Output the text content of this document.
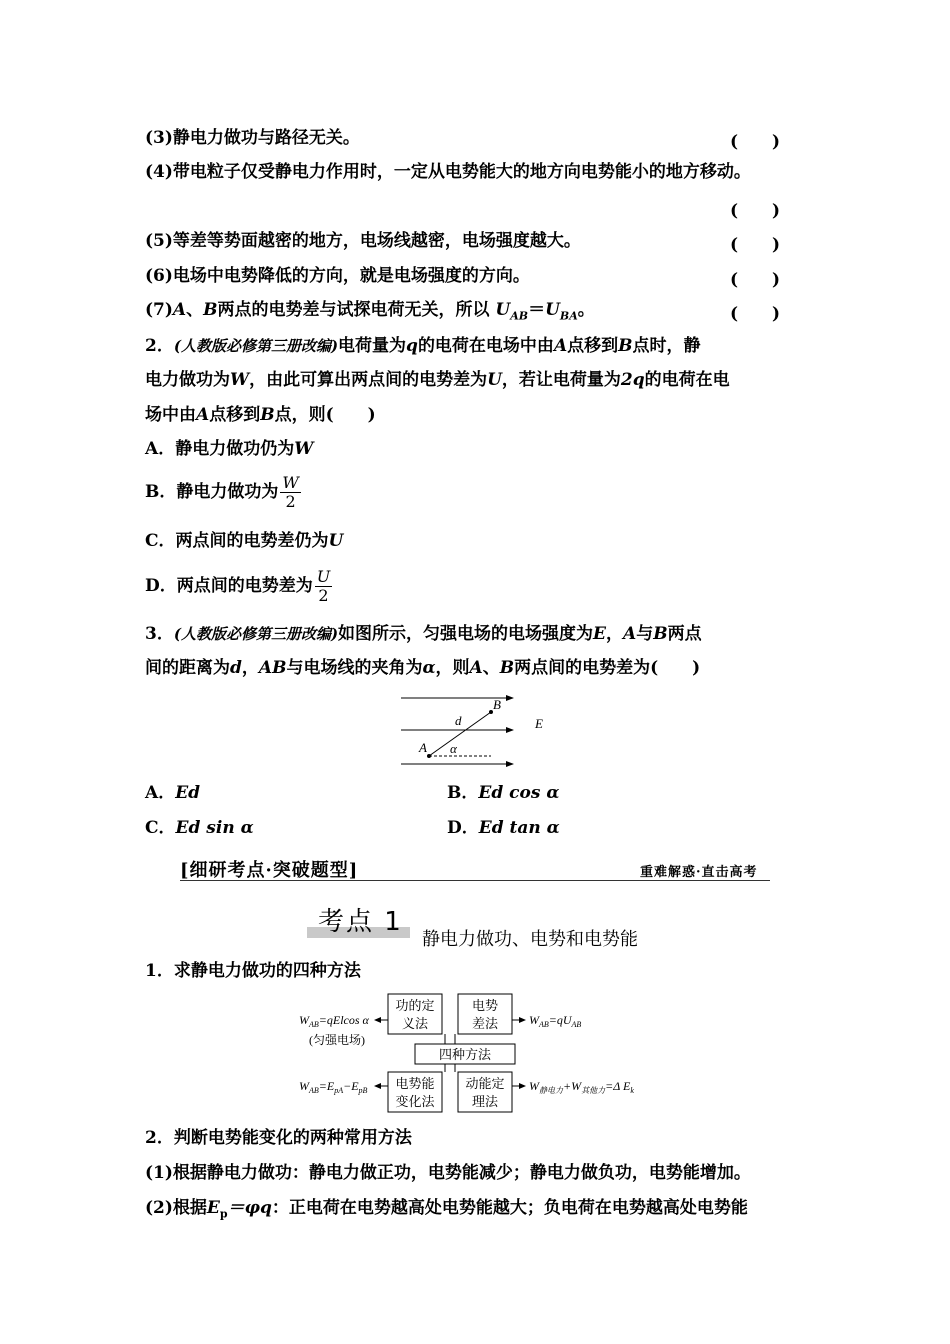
(3)静电力做功与路径无关。	(　　)
(4)带电粒子仅受静电力作用时，一定从电势能大的地方向电势能小的地方移动。
(　　)
(5)等差等势面越密的地方，电场线越密，电场强度越大。	(　　)
(6)电场中电势降低的方向，就是电场强度的方向。	(　　)
(7)A、B两点的电势差与试探电荷无关，所以 $U_{AB}=U_{BA}$。	(　　)
2．(人教版必修第三册改编)电荷量为q的电荷在电场中由A点移到B点时，静
电力做功为W，由此可算出两点间的电势差为U，若让电荷量为2q的电荷在电
场中由A点移到B点，则(　　)
A．静电力做功仍为W
B．静电力做功为 $\frac{W}{2}$
C．两点间的电势差仍为U
D．两点间的电势差为 $\frac{U}{2}$
3．(人教版必修第三册改编)如图所示，匀强电场的电场强度为E，A与B两点
间的距离为d，AB与电场线的夹角为α，则A、B两点间的电势差为(　　)
B
d	E
A α
A．Ed	B．Ed cos α
C．Ed sin α	D．Ed tan α
[细研考点·突破题型]	重难解惑·直击高考
考点 1
静电力做功、电势和电势能
1．求静电力做功的四种方法
功的定
义法
电势
差法
电势能
变化法
动能定
理法
四种方法
$W_{AB}=qElcos$ α
(匀强电场)
$W_{AB}=qU_{AB}$
$W_{AB}=E_{pA}-E_{pB}$	$W_{静电力}+W_{其他力}=\Delta$ $E_k$
2．判断电势能变化的两种常用方法
(1)根据静电力做功：静电力做正功，电势能减少；静电力做负功，电势能增加。
(2)根据$E_p=\varphi q$：正电荷在电势越高处电势能越大；负电荷在电势越高处电势能
